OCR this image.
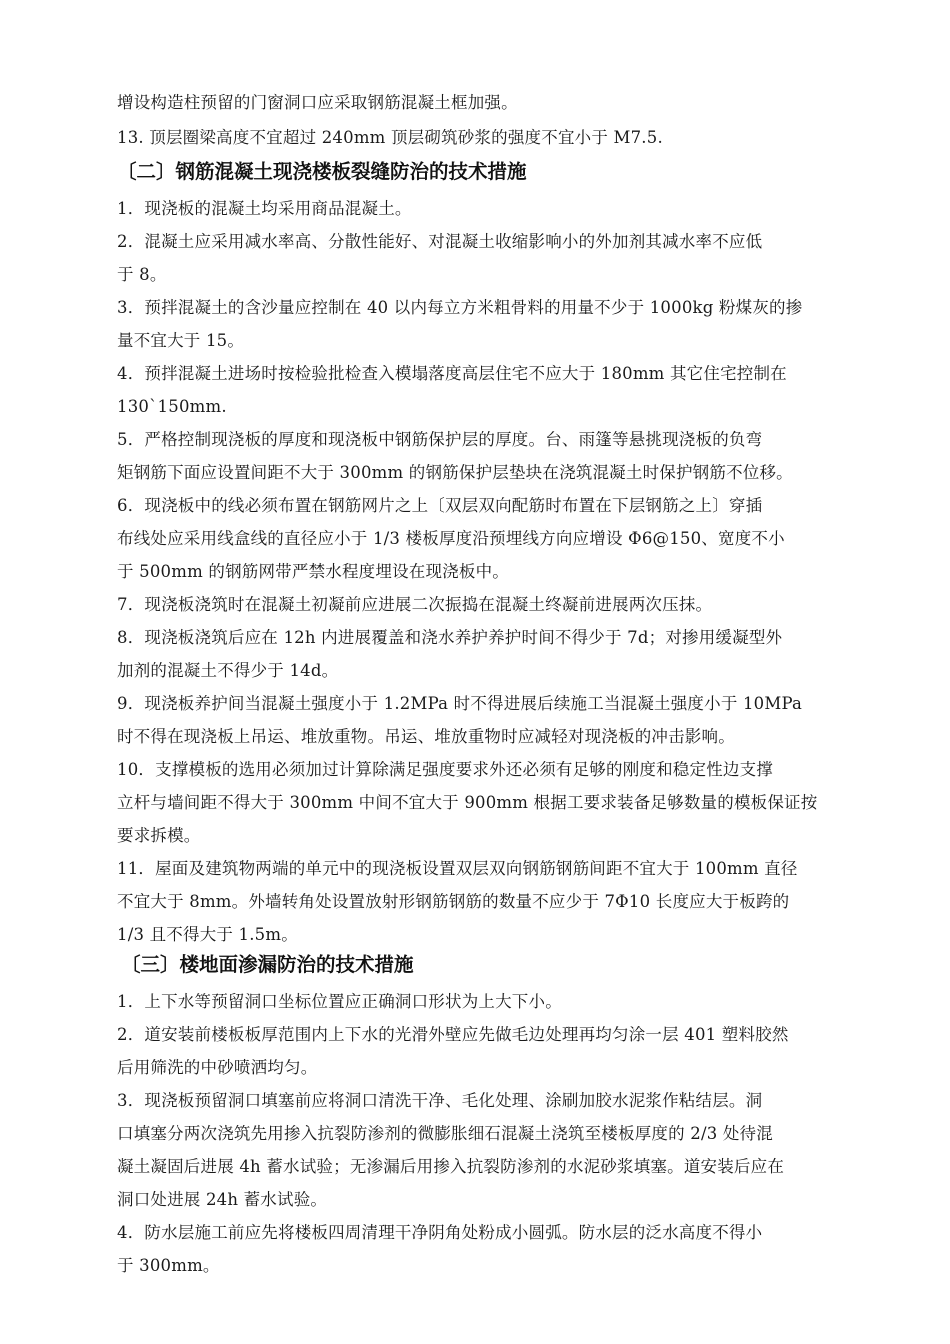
增设构造柱预留的门窗洞口应采取钢筋混凝土框加强。
13. 顶层圈梁高度不宜超过 240mm 顶层砌筑砂浆的强度不宜小于 M7.5.
〔二〕钢筋混凝土现浇楼板裂缝防治的技术措施
1．现浇板的混凝土均采用商品混凝土。
2．混凝土应采用减水率高、分散性能好、对混凝土收缩影响小的外加剂其减水率不应低
于 8。
3．预拌混凝土的含沙量应控制在 40 以内每立方米粗骨料的用量不少于 1000kg 粉煤灰的掺
量不宜大于 15。
4．预拌混凝土进场时按检验批检查入模塌落度高层住宅不应大于 180mm 其它住宅控制在
130`150mm.
5．严格控制现浇板的厚度和现浇板中钢筋保护层的厚度。台、雨篷等悬挑现浇板的负弯
矩钢筋下面应设置间距不大于 300mm 的钢筋保护层垫块在浇筑混凝土时保护钢筋不位移。
6．现浇板中的线必须布置在钢筋网片之上〔双层双向配筋时布置在下层钢筋之上〕穿插
布线处应采用线盒线的直径应小于 1/3 楼板厚度沿预埋线方向应增设 Φ6@150、宽度不小
于 500mm 的钢筋网带严禁水程度埋设在现浇板中。
7．现浇板浇筑时在混凝土初凝前应进展二次振捣在混凝土终凝前进展两次压抹。
8．现浇板浇筑后应在 12h 内进展覆盖和浇水养护养护时间不得少于 7d；对掺用缓凝型外
加剂的混凝土不得少于 14d。
9．现浇板养护间当混凝土强度小于 1.2MPa 时不得进展后续施工当混凝土强度小于 10MPa
时不得在现浇板上吊运、堆放重物。吊运、堆放重物时应减轻对现浇板的冲击影响。
10．支撑模板的选用必须加过计算除满足强度要求外还必须有足够的刚度和稳定性边支撑
立杆与墙间距不得大于 300mm 中间不宜大于 900mm 根据工要求装备足够数量的模板保证按
要求拆模。
11．屋面及建筑物两端的单元中的现浇板设置双层双向钢筋钢筋间距不宜大于 100mm 直径
不宜大于 8mm。外墙转角处设置放射形钢筋钢筋的数量不应少于 7Φ10 长度应大于板跨的
1/3 且不得大于 1.5m。
〔三〕楼地面渗漏防治的技术措施
1．上下水等预留洞口坐标位置应正确洞口形状为上大下小。
2．道安装前楼板板厚范围内上下水的光滑外壁应先做毛边处理再均匀涂一层 401 塑料胶然
后用筛洗的中砂喷洒均匀。
3．现浇板预留洞口填塞前应将洞口清洗干净、毛化处理、涂刷加胶水泥浆作粘结层。洞
口填塞分两次浇筑先用掺入抗裂防渗剂的微膨胀细石混凝土浇筑至楼板厚度的 2/3 处待混
凝土凝固后进展 4h 蓄水试验；无渗漏后用掺入抗裂防渗剂的水泥砂浆填塞。道安装后应在
洞口处进展 24h 蓄水试验。
4．防水层施工前应先将楼板四周清理干净阴角处粉成小圆弧。防水层的泛水高度不得小
于 300mm。
